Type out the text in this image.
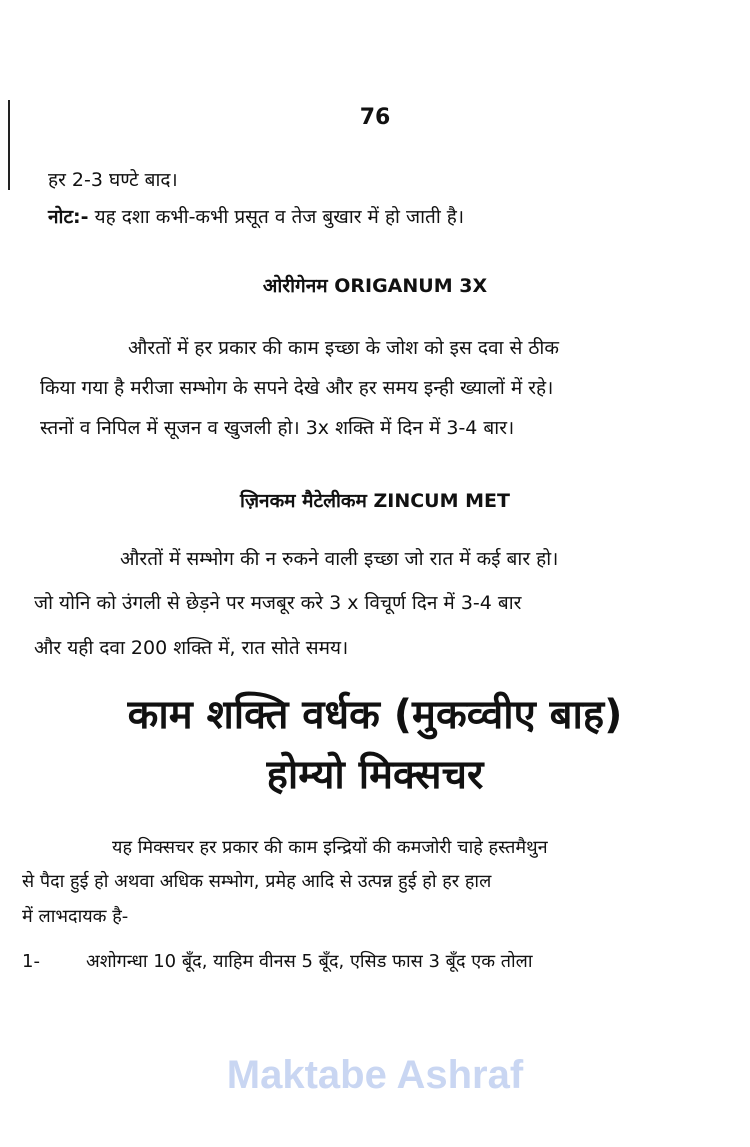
76
हर 2-3 घण्टे बाद।
नोट:- यह दशा कभी-कभी प्रसूत व तेज बुखार में हो जाती है।
ओरीगेनम ORIGANUM 3X
औरतों में हर प्रकार की काम इच्छा के जोश को इस दवा से ठीक
किया गया है मरीजा सम्भोग के सपने देखे और हर समय इन्ही ख्यालों में रहे।
स्तनों व निपिल में सूजन व खुजली हो। 3x शक्ति में दिन में 3-4 बार।
ज़िनकम मैटेलीकम ZINCUM MET
औरतों में सम्भोग की न रुकने वाली इच्छा जो रात में कई बार हो।
जो योनि को उंगली से छेड़ने पर मजबूर करे 3 x विचूर्ण दिन में 3-4 बार
और यही दवा 200 शक्ति में, रात सोते समय।
काम शक्ति वर्धक (मुकव्वीए बाह)
होम्यो मिक्सचर
यह मिक्सचर हर प्रकार की काम इन्द्रियों की कमजोरी चाहे हस्तमैथुन
से पैदा हुई हो अथवा अधिक सम्भोग, प्रमेह आदि से उत्पन्न हुई हो हर हाल
में लाभदायक है-
1-	अशोगन्धा 10 बूँद, याहिम वीनस 5 बूँद, एसिड फास 3 बूँद एक तोला
Maktabe Ashraf
